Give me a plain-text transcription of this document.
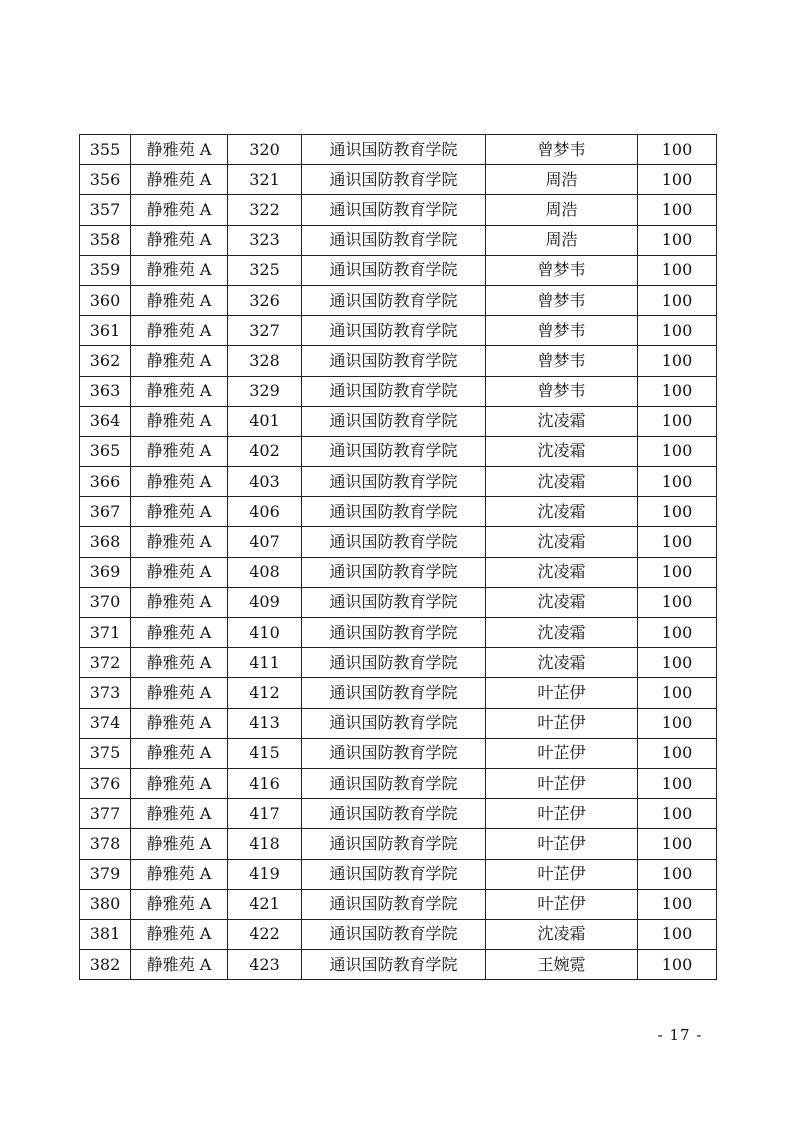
355	静雅苑 A	320	通识国防教育学院	曾梦韦	100
356	静雅苑 A	321	通识国防教育学院	周浩	100
357	静雅苑 A	322	通识国防教育学院	周浩	100
358	静雅苑 A	323	通识国防教育学院	周浩	100
359	静雅苑 A	325	通识国防教育学院	曾梦韦	100
360	静雅苑 A	326	通识国防教育学院	曾梦韦	100
361	静雅苑 A	327	通识国防教育学院	曾梦韦	100
362	静雅苑 A	328	通识国防教育学院	曾梦韦	100
363	静雅苑 A	329	通识国防教育学院	曾梦韦	100
364	静雅苑 A	401	通识国防教育学院	沈凌霜	100
365	静雅苑 A	402	通识国防教育学院	沈凌霜	100
366	静雅苑 A	403	通识国防教育学院	沈凌霜	100
367	静雅苑 A	406	通识国防教育学院	沈凌霜	100
368	静雅苑 A	407	通识国防教育学院	沈凌霜	100
369	静雅苑 A	408	通识国防教育学院	沈凌霜	100
370	静雅苑 A	409	通识国防教育学院	沈凌霜	100
371	静雅苑 A	410	通识国防教育学院	沈凌霜	100
372	静雅苑 A	411	通识国防教育学院	沈凌霜	100
373	静雅苑 A	412	通识国防教育学院	叶芷伊	100
374	静雅苑 A	413	通识国防教育学院	叶芷伊	100
375	静雅苑 A	415	通识国防教育学院	叶芷伊	100
376	静雅苑 A	416	通识国防教育学院	叶芷伊	100
377	静雅苑 A	417	通识国防教育学院	叶芷伊	100
378	静雅苑 A	418	通识国防教育学院	叶芷伊	100
379	静雅苑 A	419	通识国防教育学院	叶芷伊	100
380	静雅苑 A	421	通识国防教育学院	叶芷伊	100
381	静雅苑 A	422	通识国防教育学院	沈凌霜	100
382	静雅苑 A	423	通识国防教育学院	王婉霓	100
- 17 -
